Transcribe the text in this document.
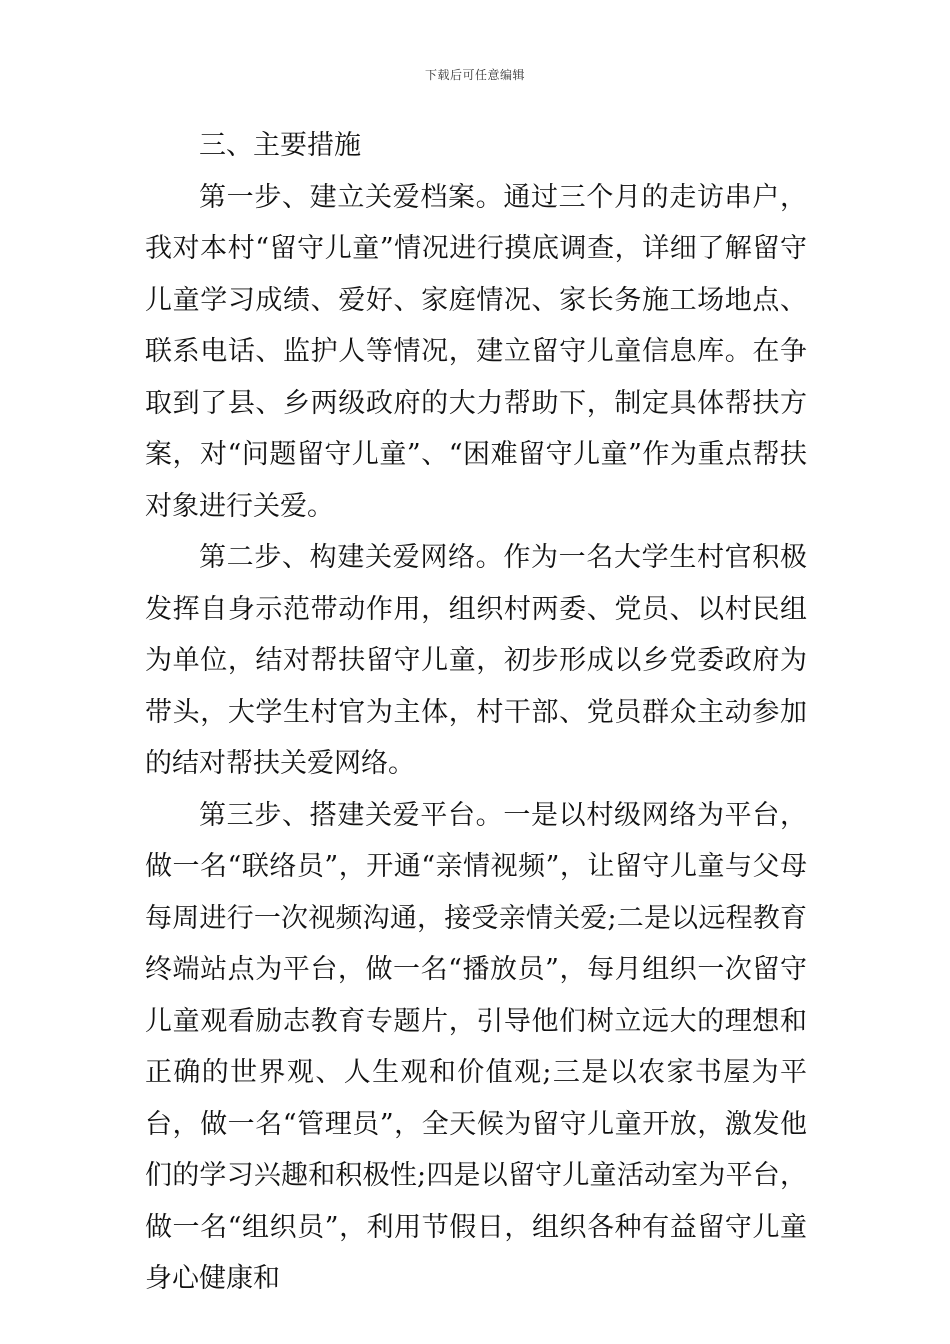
下载后可任意编辑

三、主要措施

第一步、建立关爱档案。通过三个月的走访串户，我对本村“留守儿童”情况进行摸底调查，详细了解留守儿童学习成绩、爱好、家庭情况、家长务施工场地点、联系电话、监护人等情况，建立留守儿童信息库。在争取到了县、乡两级政府的大力帮助下，制定具体帮扶方案，对“问题留守儿童”、“困难留守儿童”作为重点帮扶对象进行关爱。

第二步、构建关爱网络。作为一名大学生村官积极发挥自身示范带动作用，组织村两委、党员、以村民组为单位，结对帮扶留守儿童，初步形成以乡党委政府为带头，大学生村官为主体，村干部、党员群众主动参加的结对帮扶关爱网络。

第三步、搭建关爱平台。一是以村级网络为平台，做一名“联络员”，开通“亲情视频”，让留守儿童与父母每周进行一次视频沟通，接受亲情关爱;二是以远程教育终端站点为平台，做一名“播放员”，每月组织一次留守儿童观看励志教育专题片，引导他们树立远大的理想和正确的世界观、人生观和价值观;三是以农家书屋为平台，做一名“管理员”，全天候为留守儿童开放，激发他们的学习兴趣和积极性;四是以留守儿童活动室为平台，做一名“组织员”，利用节假日，组织各种有益留守儿童身心健康和
